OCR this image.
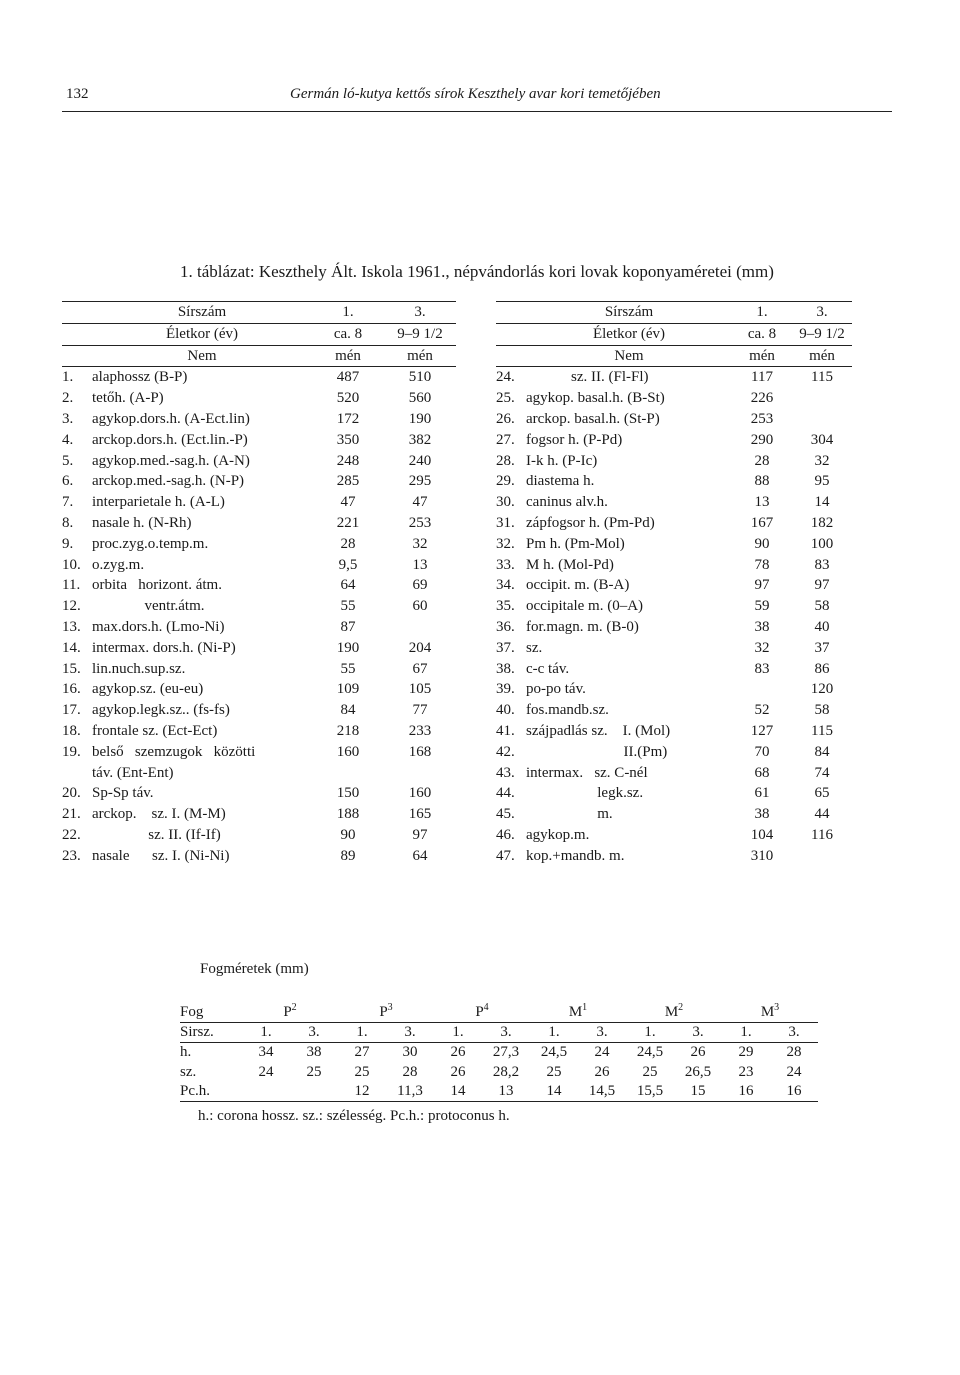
132	Germán ló-kutya kettős sírok Keszthely avar kori temetőjében
1. táblázat: Keszthely Ált. Iskola 1961., népvándorlás kori lovak koponyaméretei (mm)
	Sírszám	1.	3.
	Életkor (év)	ca. 8	9–9 1/2
	Nem	mén	mén
1.	alaphossz (B-P)	487	510
2.	tetőh. (A-P)	520	560
3.	agykop.dors.h. (A-Ect.lin)	172	190
4.	arckop.dors.h. (Ect.lin.-P)	350	382
5.	agykop.med.-sag.h. (A-N)	248	240
6.	arckop.med.-sag.h. (N-P)	285	295
7.	interparietale h. (A-L)	47	47
8.	nasale h. (N-Rh)	221	253
9.	proc.zyg.o.temp.m.	28	32
10.	o.zyg.m.	9,5	13
11.	orbita   horizont. átm.	64	69
12.	ventr.átm.	55	60
13.	max.dors.h. (Lmo-Ni)	87	
14.	intermax. dors.h. (Ni-P)	190	204
15.	lin.nuch.sup.sz.	55	67
16.	agykop.sz. (eu-eu)	109	105
17.	agykop.legk.sz.. (fs-fs)	84	77
18.	frontale sz. (Ect-Ect)	218	233
19.	belső   szemzugok   közötti	160	168
	táv. (Ent-Ent)		
20.	Sp-Sp táv.	150	160
21.	arckop.    sz. I. (M-M)	188	165
22.	sz. II. (If-If)	90	97
23.	nasale      sz. I. (Ni-Ni)	89	64
	Sírszám	1.	3.
	Életkor (év)	ca. 8	9–9 1/2
	Nem	mén	mén
24.	sz. II. (Fl-Fl)	117	115
25.	agykop. basal.h. (B-St)	226	
26.	arckop. basal.h. (St-P)	253	
27.	fogsor h. (P-Pd)	290	304
28.	I-k h. (P-Ic)	28	32
29.	diastema h.	88	95
30.	caninus alv.h.	13	14
31.	zápfogsor h. (Pm-Pd)	167	182
32.	Pm h. (Pm-Mol)	90	100
33.	M h. (Mol-Pd)	78	83
34.	occipit. m. (B-A)	97	97
35.	occipitale m. (0–A)	59	58
36.	for.magn. m. (B-0)	38	40
37.	sz.	32	37
38.	c-c táv.	83	86
39.	po-po táv.		120
40.	fos.mandb.sz.	52	58
41.	szájpadlás sz.    I. (Mol)	127	115
42.	II.(Pm)	70	84
43.	intermax.   sz. C-nél	68	74
44.	legk.sz.	61	65
45.	m.	38	44
46.	agykop.m.	104	116
47.	kop.+mandb. m.	310	
Fogméretek (mm)
Fog	$P^2$		$P^3$		$P^4$		$M^1$		$M^2$		$M^3$
Sirsz.	1.	3.	1.	3.	1.	3.	1.	3.	1.	3.	1.	3.
h.	34	38	27	30	26	27,3	24,5	24	24,5	26	29	28
sz.	24	25	25	28	26	28,2	25	26	25	26,5	23	24
Pc.h.			12	11,3	14	13	14	14,5	15,5	15	16	16
h.: corona hossz. sz.: szélesség. Pc.h.: protoconus h.
